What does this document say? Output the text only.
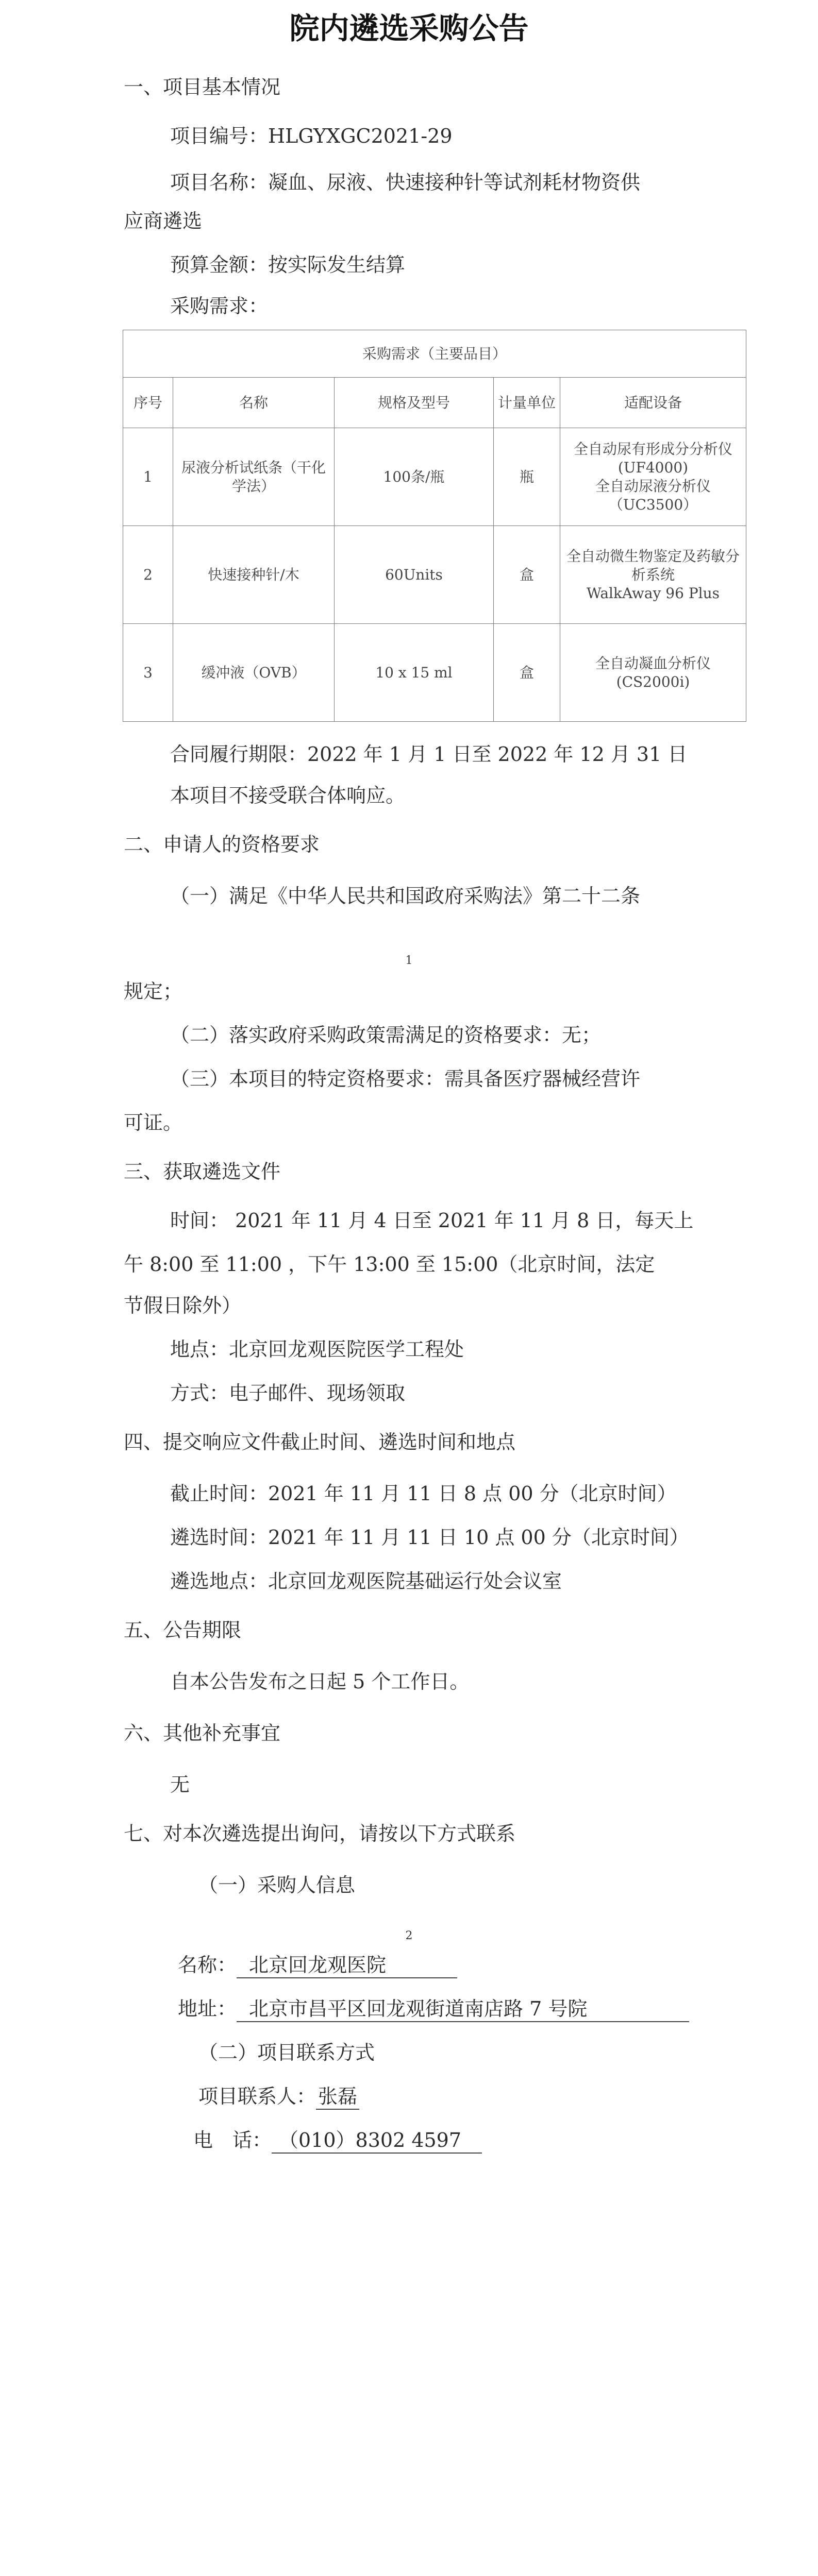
院内遴选采购公告
一、项目基本情况
项目编号：HLGYXGC2021-29
项目名称：凝血、尿液、快速接种针等试剂耗材物资供
应商遴选
预算金额：按实际发生结算
采购需求：
采购需求（主要品目）				
序号	名称	规格及型号	计量单位	适配设备
1	尿液分析试纸条（干化学法）	100条/瓶	瓶	全自动尿有形成分分析仪(UF4000)
全自动尿液分析仪（UC3500）

2	快速接种针/木	60Units	盒	全自动微生物鉴定及药敏分析系统
WalkAway 96 Plus

3	缓冲液（OVB）	10 x 15 ml	盒	全自动凝血分析仪(CS2000i)
合同履行期限：2022 年 1 月 1 日至 2022 年 12 月 31 日
本项目不接受联合体响应。
二、申请人的资格要求
（一）满足《中华人民共和国政府采购法》第二十二条
1
规定；
（二）落实政府采购政策需满足的资格要求：无；
（三）本项目的特定资格要求：需具备医疗器械经营许
可证。
三、获取遴选文件
时间： 2021 年 11 月 4 日至 2021 年 11 月 8 日，每天上
午 8:00 至 11:00 ，下午 13:00 至 15:00（北京时间，法定
节假日除外）
地点：北京回龙观医院医学工程处
方式：电子邮件、现场领取
四、提交响应文件截止时间、遴选时间和地点
截止时间：2021 年 11 月 11 日 8 点 00 分（北京时间）
遴选时间：2021 年 11 月 11 日 10 点 00 分（北京时间）
遴选地点：北京回龙观医院基础运行处会议室
五、公告期限
自本公告发布之日起 5 个工作日。
六、其他补充事宜
无
七、对本次遴选提出询问，请按以下方式联系
（一）采购人信息
2
名称： 北京回龙观医院
地址： 北京市昌平区回龙观街道南店路 7 号院
（二）项目联系方式
项目联系人： 张磊
电　话： （010）8302 4597
